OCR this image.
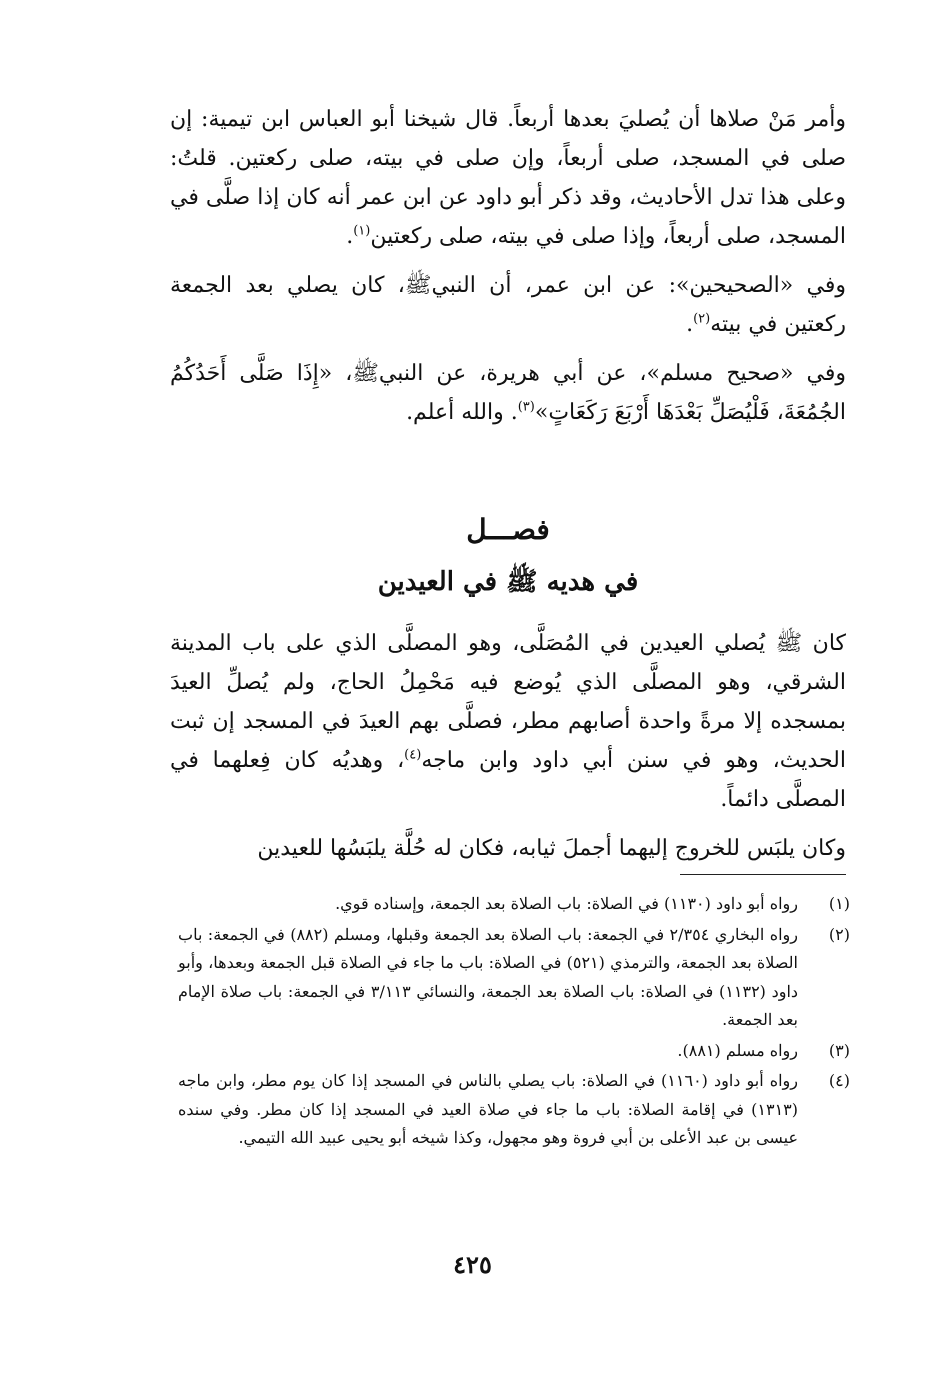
وأمر مَنْ صلاها أن يُصليَ بعدها أربعاً. قال شيخنا أبو العباس ابن تيمية: إن صلى في المسجد، صلى أربعاً، وإن صلى في بيته، صلى ركعتين. قلتُ: وعلى هذا تدل الأحاديث، وقد ذكر أبو داود عن ابن عمر أنه كان إذا صلَّى في المسجد، صلى أربعاً، وإذا صلى في بيته، صلى ركعتين$^{(١)}$.

وفي «الصحيحين»: عن ابن عمر، أن النبيﷺ، كان يصلي بعد الجمعة ركعتين في بيته$^{(٢)}$.

وفي «صحيح مسلم»، عن أبي هريرة، عن النبيﷺ، «إِذَا صَلَّى أَحَدُكُمُ الجُمُعَةَ، فَلْيُصَلِّ بَعْدَهَا أَرْبَعَ رَكَعَاتٍ»$^{(٣)}$. والله أعلم.

فصـــل
في هديه ﷺ في العيدين

كان ﷺ يُصلي العيدين في المُصَلَّى، وهو المصلَّى الذي على باب المدينة الشرقي، وهو المصلَّى الذي يُوضع فيه مَحْمِلُ الحاج، ولم يُصلِّ العيدَ بمسجده إلا مرةً واحدة أصابهم مطر، فصلَّى بهم العيدَ في المسجد إن ثبت الحديث، وهو في سنن أبي داود وابن ماجه$^{(٤)}$، وهديُه كان فِعلهما في المصلَّى دائماً.

وكان يلبَس للخروج إليهما أجملَ ثيابه، فكان له حُلَّة يلبَسُها للعيدين

(١)
رواه أبو داود (١١٣٠) في الصلاة: باب الصلاة بعد الجمعة، وإسناده قوي.
(٢)
رواه البخاري ٢/٣٥٤ في الجمعة: باب الصلاة بعد الجمعة وقبلها، ومسلم (٨٨٢) في الجمعة: باب الصلاة بعد الجمعة، والترمذي (٥٢١) في الصلاة: باب ما جاء في الصلاة قبل الجمعة وبعدها، وأبو داود (١١٣٢) في الصلاة: باب الصلاة بعد الجمعة، والنسائي ٣/١١٣ في الجمعة: باب صلاة الإمام بعد الجمعة.
(٣)
رواه مسلم (٨٨١).
(٤)
رواه أبو داود (١١٦٠) في الصلاة: باب يصلي بالناس في المسجد إذا كان يوم مطر، وابن ماجه (١٣١٣) في إقامة الصلاة: باب ما جاء في صلاة العيد في المسجد إذا كان مطر. وفي سنده عيسى بن عبد الأعلى بن أبي فروة وهو مجهول، وكذا شيخه أبو يحيى عبيد الله التيمي.
٤٢٥
